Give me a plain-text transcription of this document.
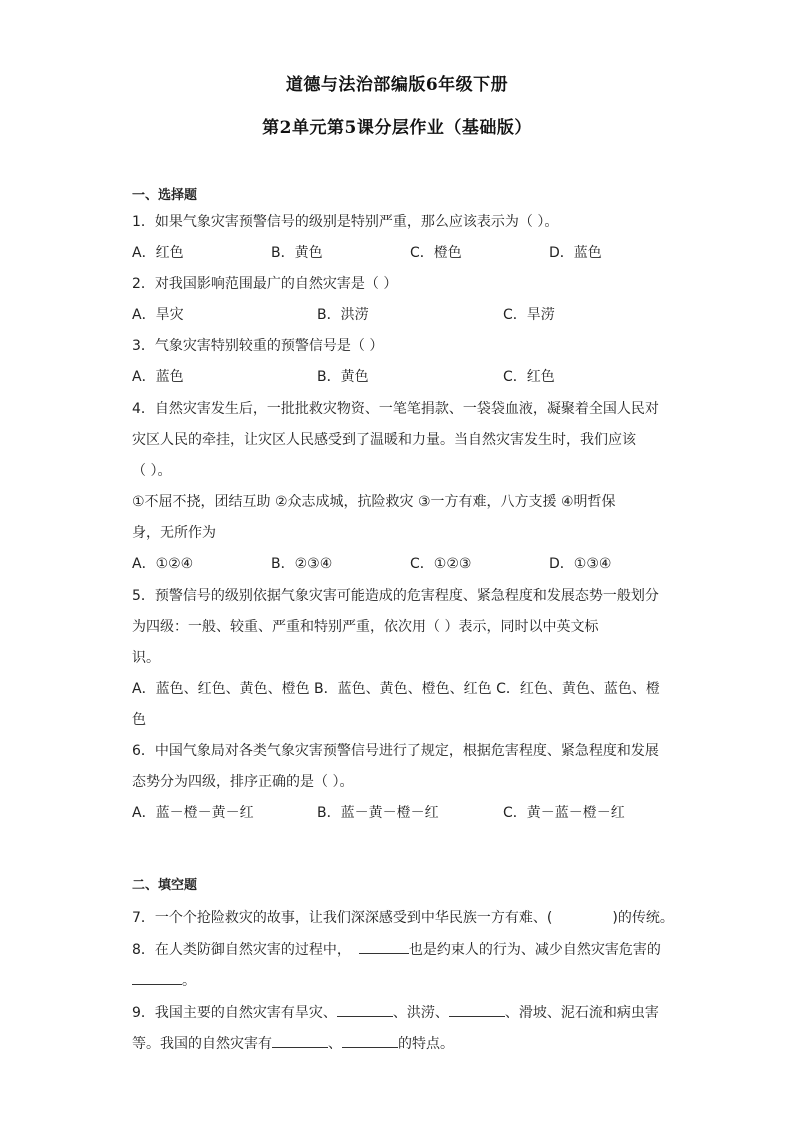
道德与法治部编版6年级下册
第2单元第5课分层作业（基础版）
一、选择题
1．如果气象灾害预警信号的级别是特别严重，那么应该表示为（ ）。
A．红色	B．黄色	C．橙色	D．蓝色
2．对我国影响范围最广的自然灾害是（ ）
A．旱灾	B．洪涝	C．旱涝
3．气象灾害特别较重的预警信号是（ ）
A．蓝色	B．黄色	C．红色
4．自然灾害发生后，一批批救灾物资、一笔笔捐款、一袋袋血液，凝聚着全国人民对
灾区人民的牵挂，让灾区人民感受到了温暖和力量。当自然灾害发生时，我们应该
（ ）。
①不屈不挠，团结互助 ②众志成城，抗险救灾 ③一方有难，八方支援 ④明哲保
身，无所作为
A．①②④	B．②③④	C．①②③	D．①③④
5．预警信号的级别依据气象灾害可能造成的危害程度、紧急程度和发展态势一般划分
为四级：一般、较重、严重和特别严重，依次用（ ）表示，同时以中英文标
识。
A．蓝色、红色、黄色、橙色 B．蓝色、黄色、橙色、红色 C．红色、黄色、蓝色、橙
色
6．中国气象局对各类气象灾害预警信号进行了规定，根据危害程度、紧急程度和发展
态势分为四级，排序正确的是（ ）。
A．蓝－橙－黄－红	B．蓝－黄－橙－红	C．黄－蓝－橙－红
二、填空题
7．一个个抢险救灾的故事，让我们深深感受到中华民族一方有难、(	)的传统。
8．在人类防御自然灾害的过程中，	也是约束人的行为、减少自然灾害危害的
。
9．我国主要的自然灾害有旱灾、	、洪涝、	、滑坡、泥石流和病虫害
等。我国的自然灾害有	、	的特点。
